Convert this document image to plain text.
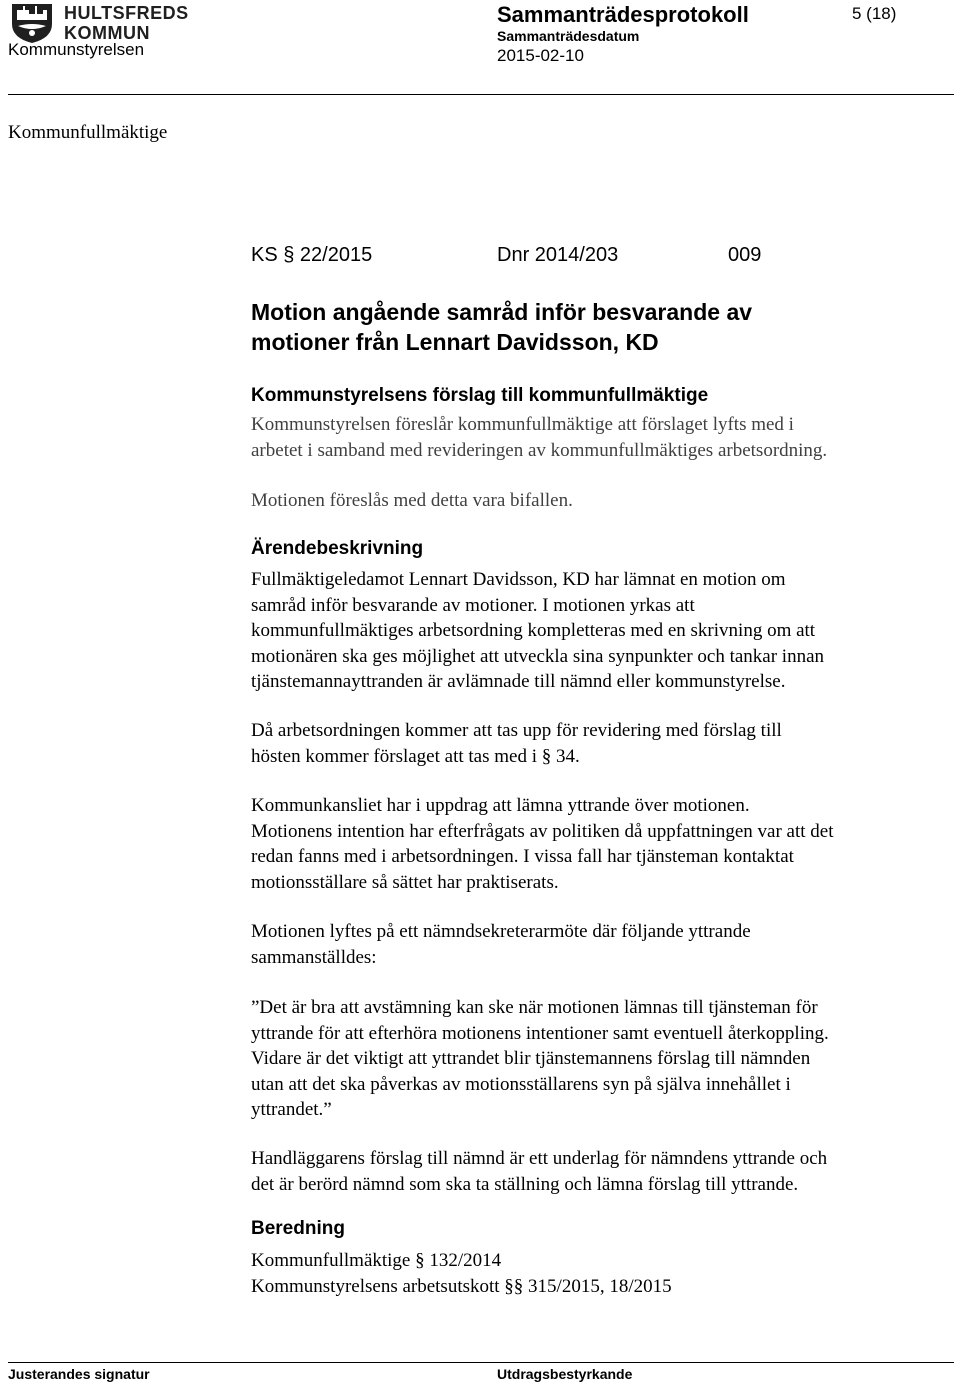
HULTSFREDS
KOMMUN
Kommunstyrelsen
Sammanträdesprotokoll
Sammanträdesdatum
2015-02-10
5 (18)
Kommunfullmäktige
KS § 22/2015	Dnr 2014/203	009
Motion angående samråd inför besvarande av
motioner från Lennart Davidsson, KD
Kommunstyrelsens förslag till kommunfullmäktige
Kommunstyrelsen föreslår kommunfullmäktige att förslaget lyfts med i
arbetet i samband med revideringen av kommunfullmäktiges arbetsordning.
Motionen föreslås med detta vara bifallen.
Ärendebeskrivning
Fullmäktigeledamot Lennart Davidsson, KD har lämnat en motion om
samråd inför besvarande av motioner. I motionen yrkas att
kommunfullmäktiges arbetsordning kompletteras med en skrivning om att
motionären ska ges möjlighet att utveckla sina synpunkter och tankar innan
tjänstemannayttranden är avlämnade till nämnd eller kommunstyrelse.
Då arbetsordningen kommer att tas upp för revidering med förslag till
hösten kommer förslaget att tas med i § 34.
Kommunkansliet har i uppdrag att lämna yttrande över motionen.
Motionens intention har efterfrågats av politiken då uppfattningen var att det
redan fanns med i arbetsordningen. I vissa fall har tjänsteman kontaktat
motionsställare så sättet har praktiserats.
Motionen lyftes på ett nämndsekreterarmöte där följande yttrande
sammanställdes:
”Det är bra att avstämning kan ske när motionen lämnas till tjänsteman för
yttrande för att efterhöra motionens intentioner samt eventuell återkoppling.
Vidare är det viktigt att yttrandet blir tjänstemannens förslag till nämnden
utan att det ska påverkas av motionsställarens syn på själva innehållet i
yttrandet.”
Handläggarens förslag till nämnd är ett underlag för nämndens yttrande och
det är berörd nämnd som ska ta ställning och lämna förslag till yttrande.
Beredning
Kommunfullmäktige § 132/2014
Kommunstyrelsens arbetsutskott §§ 315/2015, 18/2015
Justerandes signatur	Utdragsbestyrkande
